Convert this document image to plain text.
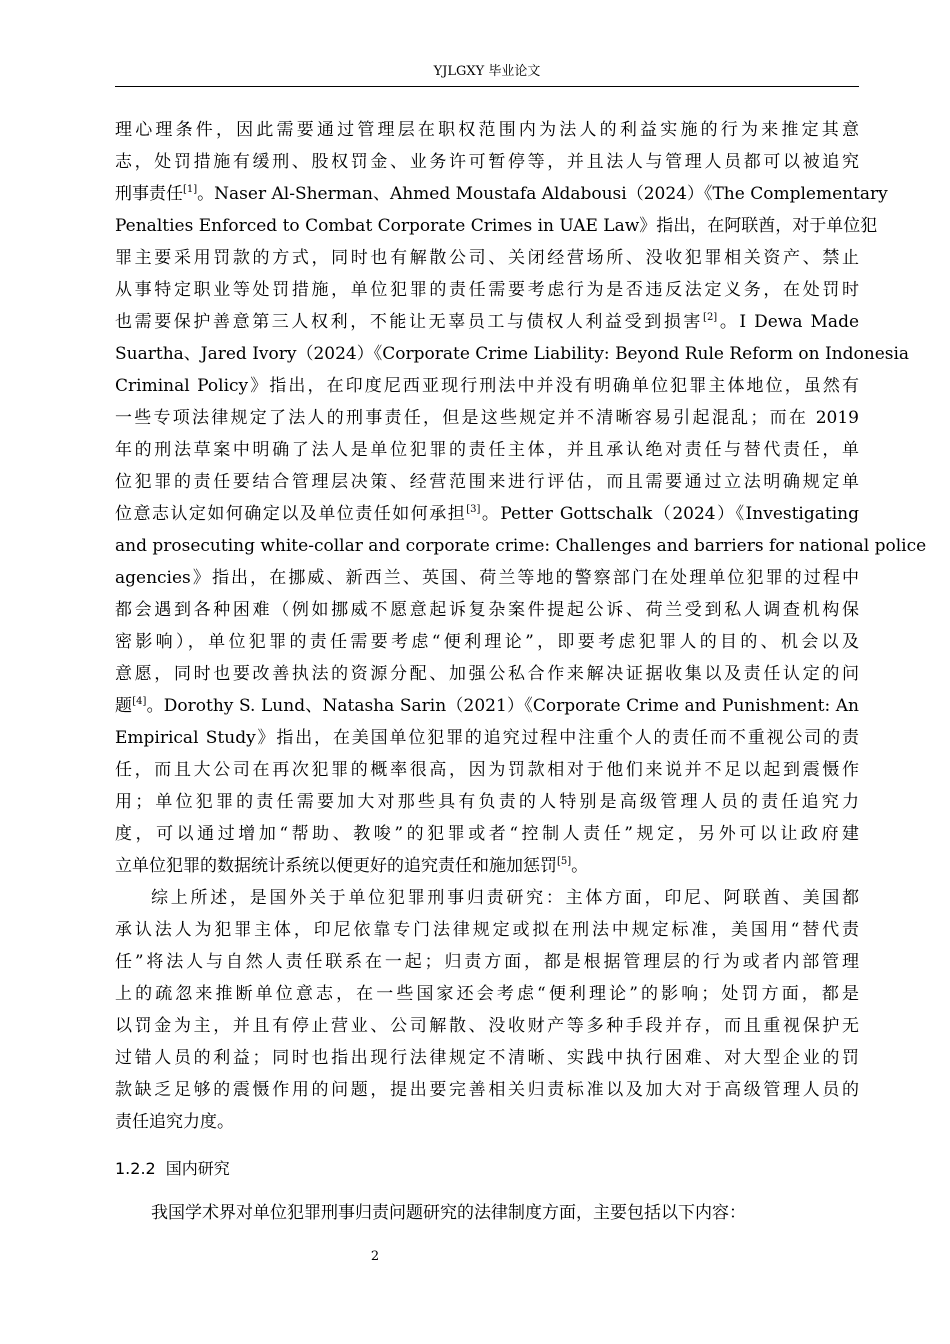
YJLGXY 毕业论文
理心理条件，因此需要通过管理层在职权范围内为法人的利益实施的行为来推定其意
志，处罚措施有缓刑、股权罚金、业务许可暂停等，并且法人与管理人员都可以被追究
刑事责任[1]。Naser Al-Sherman、Ahmed Moustafa Aldabousi（2024）《The Complementary
Penalties Enforced to Combat Corporate Crimes in UAE Law》指出，在阿联酋，对于单位犯
罪主要采用罚款的方式，同时也有解散公司、关闭经营场所、没收犯罪相关资产、禁止
从事特定职业等处罚措施，单位犯罪的责任需要考虑行为是否违反法定义务，在处罚时
也需要保护善意第三人权利，不能让无辜员工与债权人利益受到损害[2]。I Dewa Made
Suartha、Jared Ivory（2024）《Corporate Crime Liability: Beyond Rule Reform on Indonesia
Criminal Policy》指出，在印度尼西亚现行刑法中并没有明确单位犯罪主体地位，虽然有
一些专项法律规定了法人的刑事责任，但是这些规定并不清晰容易引起混乱；而在 2019
年的刑法草案中明确了法人是单位犯罪的责任主体，并且承认绝对责任与替代责任，单
位犯罪的责任要结合管理层决策、经营范围来进行评估，而且需要通过立法明确规定单
位意志认定如何确定以及单位责任如何承担[3]。Petter Gottschalk（2024）《Investigating
and prosecuting white-collar and corporate crime: Challenges and barriers for national police
agencies》指出，在挪威、新西兰、英国、荷兰等地的警察部门在处理单位犯罪的过程中
都会遇到各种困难（例如挪威不愿意起诉复杂案件提起公诉、荷兰受到私人调查机构保
密影响），单位犯罪的责任需要考虑“便利理论”，即要考虑犯罪人的目的、机会以及
意愿，同时也要改善执法的资源分配、加强公私合作来解决证据收集以及责任认定的问
题[4]。Dorothy S. Lund、Natasha Sarin（2021）《Corporate Crime and Punishment: An
Empirical Study》指出，在美国单位犯罪的追究过程中注重个人的责任而不重视公司的责
任，而且大公司在再次犯罪的概率很高，因为罚款相对于他们来说并不足以起到震慑作
用；单位犯罪的责任需要加大对那些具有负责的人特别是高级管理人员的责任追究力
度，可以通过增加“帮助、教唆”的犯罪或者“控制人责任”规定，另外可以让政府建
立单位犯罪的数据统计系统以便更好的追究责任和施加惩罚[5]。
综上所述，是国外关于单位犯罪刑事归责研究：主体方面，印尼、阿联酋、美国都
承认法人为犯罪主体，印尼依靠专门法律规定或拟在刑法中规定标准，美国用“替代责
任”将法人与自然人责任联系在一起；归责方面，都是根据管理层的行为或者内部管理
上的疏忽来推断单位意志，在一些国家还会考虑“便利理论”的影响；处罚方面，都是
以罚金为主，并且有停止营业、公司解散、没收财产等多种手段并存，而且重视保护无
过错人员的利益；同时也指出现行法律规定不清晰、实践中执行困难、对大型企业的罚
款缺乏足够的震慑作用的问题，提出要完善相关归责标准以及加大对于高级管理人员的
责任追究力度。
1.2.2 国内研究
我国学术界对单位犯罪刑事归责问题研究的法律制度方面，主要包括以下内容：
2
